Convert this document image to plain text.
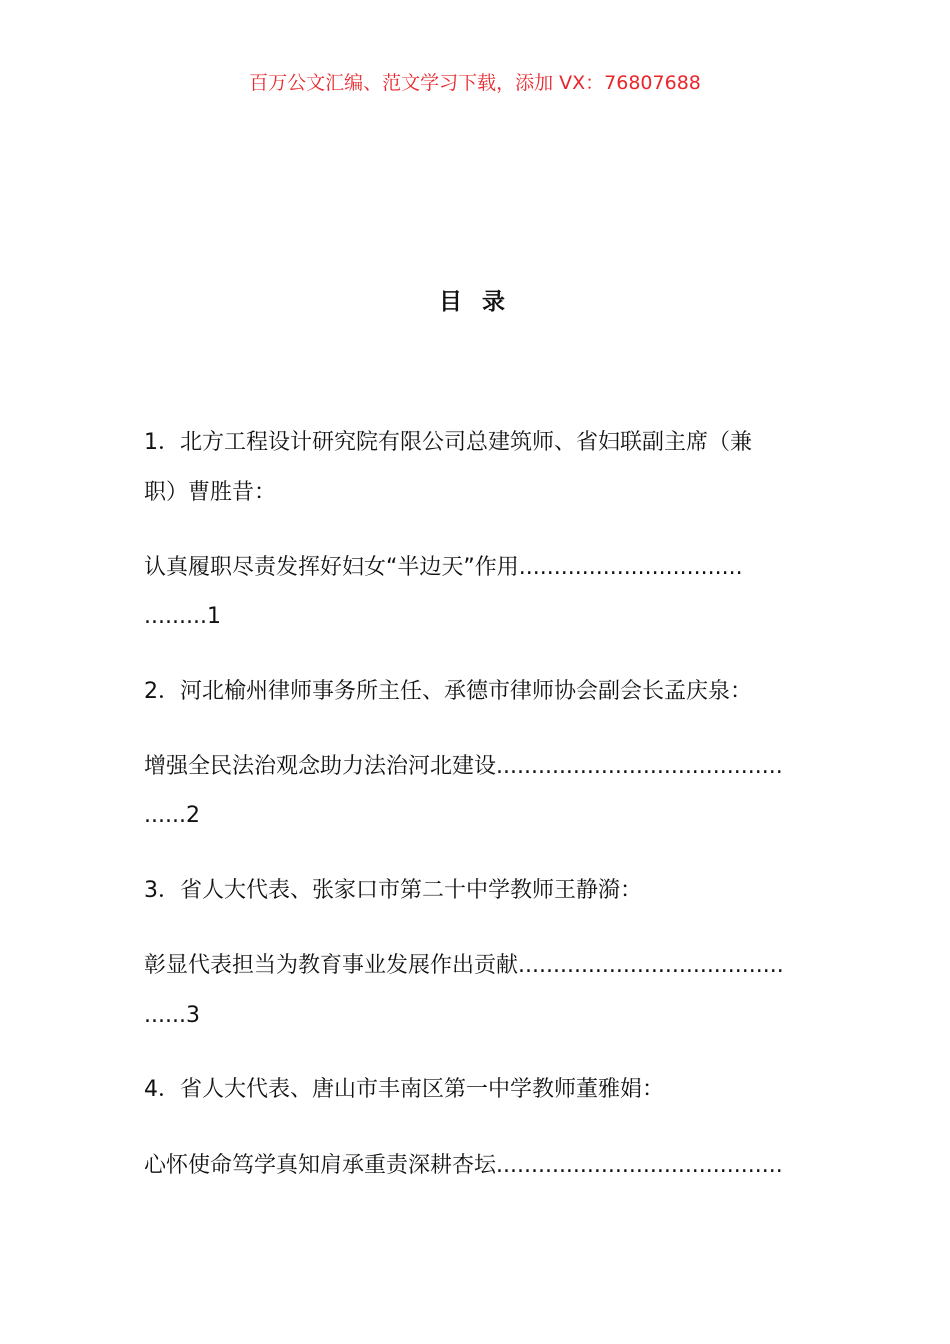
百万公文汇编、范文学习下载，添加 VX：76807688
目 录
1．北方工程设计研究院有限公司总建筑师、省妇联副主席（兼
职）曹胜昔：
认真履职尽责发挥好妇女“半边天”作用................................
.........1
2．河北榆州律师事务所主任、承德市律师协会副会长孟庆泉：
增强全民法治观念助力法治河北建设.........................................
......2
3．省人大代表、张家口市第二十中学教师王静漪：
彰显代表担当为教育事业发展作出贡献......................................
......3
4．省人大代表、唐山市丰南区第一中学教师董雅娟：
心怀使命笃学真知肩承重责深耕杏坛.........................................
